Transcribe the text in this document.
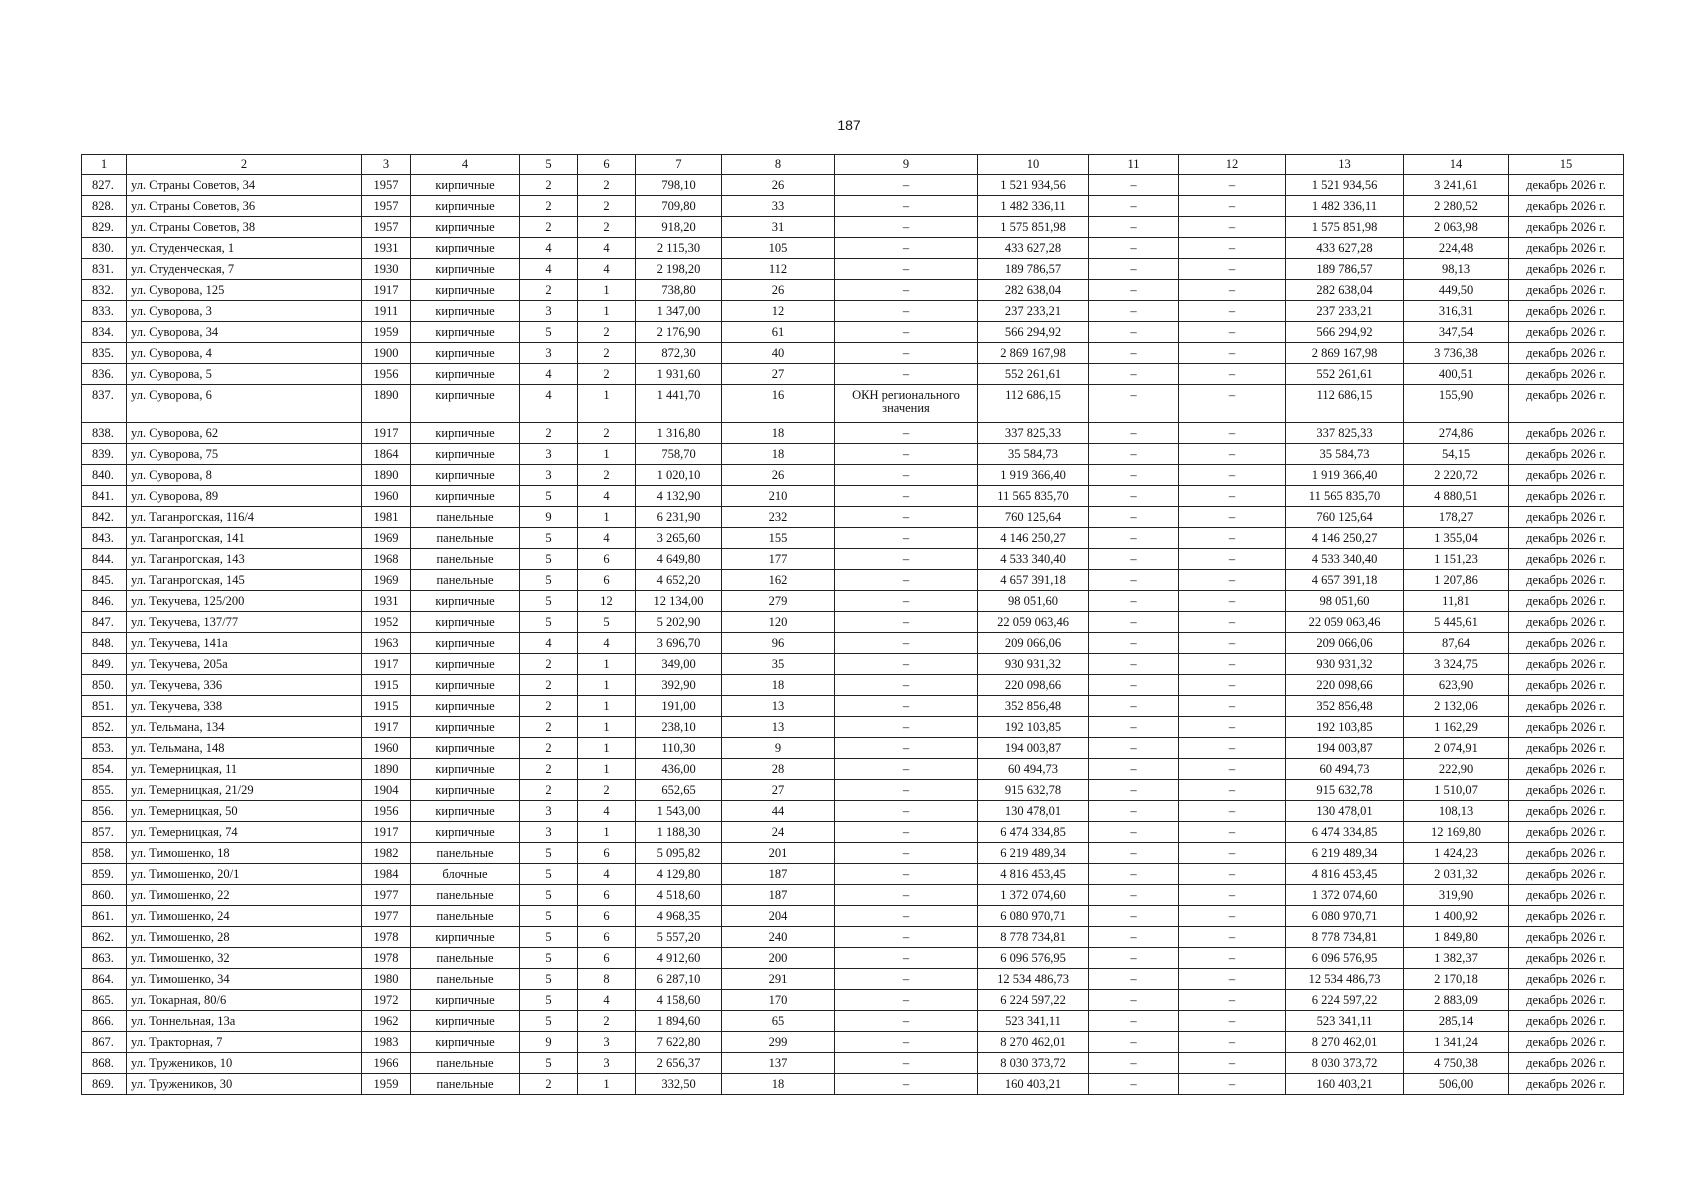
187
1	2	3	4	5	6	7	8	9	10	11	12	13	14	15
827.	ул. Страны Советов, 34	1957	кирпичные	2	2	798,10	26	–	1 521 934,56	–	–	1 521 934,56	3 241,61	декабрь 2026 г.
828.	ул. Страны Советов, 36	1957	кирпичные	2	2	709,80	33	–	1 482 336,11	–	–	1 482 336,11	2 280,52	декабрь 2026 г.
829.	ул. Страны Советов, 38	1957	кирпичные	2	2	918,20	31	–	1 575 851,98	–	–	1 575 851,98	2 063,98	декабрь 2026 г.
830.	ул. Студенческая, 1	1931	кирпичные	4	4	2 115,30	105	–	433 627,28	–	–	433 627,28	224,48	декабрь 2026 г.
831.	ул. Студенческая, 7	1930	кирпичные	4	4	2 198,20	112	–	189 786,57	–	–	189 786,57	98,13	декабрь 2026 г.
832.	ул. Суворова, 125	1917	кирпичные	2	1	738,80	26	–	282 638,04	–	–	282 638,04	449,50	декабрь 2026 г.
833.	ул. Суворова, 3	1911	кирпичные	3	1	1 347,00	12	–	237 233,21	–	–	237 233,21	316,31	декабрь 2026 г.
834.	ул. Суворова, 34	1959	кирпичные	5	2	2 176,90	61	–	566 294,92	–	–	566 294,92	347,54	декабрь 2026 г.
835.	ул. Суворова, 4	1900	кирпичные	3	2	872,30	40	–	2 869 167,98	–	–	2 869 167,98	3 736,38	декабрь 2026 г.
836.	ул. Суворова, 5	1956	кирпичные	4	2	1 931,60	27	–	552 261,61	–	–	552 261,61	400,51	декабрь 2026 г.
837.	ул. Суворова, 6	1890	кирпичные	4	1	1 441,70	16	ОКН регионального значения	112 686,15	–	–	112 686,15	155,90	декабрь 2026 г.
838.	ул. Суворова, 62	1917	кирпичные	2	2	1 316,80	18	–	337 825,33	–	–	337 825,33	274,86	декабрь 2026 г.
839.	ул. Суворова, 75	1864	кирпичные	3	1	758,70	18	–	35 584,73	–	–	35 584,73	54,15	декабрь 2026 г.
840.	ул. Суворова, 8	1890	кирпичные	3	2	1 020,10	26	–	1 919 366,40	–	–	1 919 366,40	2 220,72	декабрь 2026 г.
841.	ул. Суворова, 89	1960	кирпичные	5	4	4 132,90	210	–	11 565 835,70	–	–	11 565 835,70	4 880,51	декабрь 2026 г.
842.	ул. Таганрогская, 116/4	1981	панельные	9	1	6 231,90	232	–	760 125,64	–	–	760 125,64	178,27	декабрь 2026 г.
843.	ул. Таганрогская, 141	1969	панельные	5	4	3 265,60	155	–	4 146 250,27	–	–	4 146 250,27	1 355,04	декабрь 2026 г.
844.	ул. Таганрогская, 143	1968	панельные	5	6	4 649,80	177	–	4 533 340,40	–	–	4 533 340,40	1 151,23	декабрь 2026 г.
845.	ул. Таганрогская, 145	1969	панельные	5	6	4 652,20	162	–	4 657 391,18	–	–	4 657 391,18	1 207,86	декабрь 2026 г.
846.	ул. Текучева, 125/200	1931	кирпичные	5	12	12 134,00	279	–	98 051,60	–	–	98 051,60	11,81	декабрь 2026 г.
847.	ул. Текучева, 137/77	1952	кирпичные	5	5	5 202,90	120	–	22 059 063,46	–	–	22 059 063,46	5 445,61	декабрь 2026 г.
848.	ул. Текучева, 141а	1963	кирпичные	4	4	3 696,70	96	–	209 066,06	–	–	209 066,06	87,64	декабрь 2026 г.
849.	ул. Текучева, 205а	1917	кирпичные	2	1	349,00	35	–	930 931,32	–	–	930 931,32	3 324,75	декабрь 2026 г.
850.	ул. Текучева, 336	1915	кирпичные	2	1	392,90	18	–	220 098,66	–	–	220 098,66	623,90	декабрь 2026 г.
851.	ул. Текучева, 338	1915	кирпичные	2	1	191,00	13	–	352 856,48	–	–	352 856,48	2 132,06	декабрь 2026 г.
852.	ул. Тельмана, 134	1917	кирпичные	2	1	238,10	13	–	192 103,85	–	–	192 103,85	1 162,29	декабрь 2026 г.
853.	ул. Тельмана, 148	1960	кирпичные	2	1	110,30	9	–	194 003,87	–	–	194 003,87	2 074,91	декабрь 2026 г.
854.	ул. Темерницкая, 11	1890	кирпичные	2	1	436,00	28	–	60 494,73	–	–	60 494,73	222,90	декабрь 2026 г.
855.	ул. Темерницкая, 21/29	1904	кирпичные	2	2	652,65	27	–	915 632,78	–	–	915 632,78	1 510,07	декабрь 2026 г.
856.	ул. Темерницкая, 50	1956	кирпичные	3	4	1 543,00	44	–	130 478,01	–	–	130 478,01	108,13	декабрь 2026 г.
857.	ул. Темерницкая, 74	1917	кирпичные	3	1	1 188,30	24	–	6 474 334,85	–	–	6 474 334,85	12 169,80	декабрь 2026 г.
858.	ул. Тимошенко, 18	1982	панельные	5	6	5 095,82	201	–	6 219 489,34	–	–	6 219 489,34	1 424,23	декабрь 2026 г.
859.	ул. Тимошенко, 20/1	1984	блочные	5	4	4 129,80	187	–	4 816 453,45	–	–	4 816 453,45	2 031,32	декабрь 2026 г.
860.	ул. Тимошенко, 22	1977	панельные	5	6	4 518,60	187	–	1 372 074,60	–	–	1 372 074,60	319,90	декабрь 2026 г.
861.	ул. Тимошенко, 24	1977	панельные	5	6	4 968,35	204	–	6 080 970,71	–	–	6 080 970,71	1 400,92	декабрь 2026 г.
862.	ул. Тимошенко, 28	1978	кирпичные	5	6	5 557,20	240	–	8 778 734,81	–	–	8 778 734,81	1 849,80	декабрь 2026 г.
863.	ул. Тимошенко, 32	1978	панельные	5	6	4 912,60	200	–	6 096 576,95	–	–	6 096 576,95	1 382,37	декабрь 2026 г.
864.	ул. Тимошенко, 34	1980	панельные	5	8	6 287,10	291	–	12 534 486,73	–	–	12 534 486,73	2 170,18	декабрь 2026 г.
865.	ул. Токарная, 80/6	1972	кирпичные	5	4	4 158,60	170	–	6 224 597,22	–	–	6 224 597,22	2 883,09	декабрь 2026 г.
866.	ул. Тоннельная, 13а	1962	кирпичные	5	2	1 894,60	65	–	523 341,11	–	–	523 341,11	285,14	декабрь 2026 г.
867.	ул. Тракторная, 7	1983	кирпичные	9	3	7 622,80	299	–	8 270 462,01	–	–	8 270 462,01	1 341,24	декабрь 2026 г.
868.	ул. Тружеников, 10	1966	панельные	5	3	2 656,37	137	–	8 030 373,72	–	–	8 030 373,72	4 750,38	декабрь 2026 г.
869.	ул. Тружеников, 30	1959	панельные	2	1	332,50	18	–	160 403,21	–	–	160 403,21	506,00	декабрь 2026 г.
